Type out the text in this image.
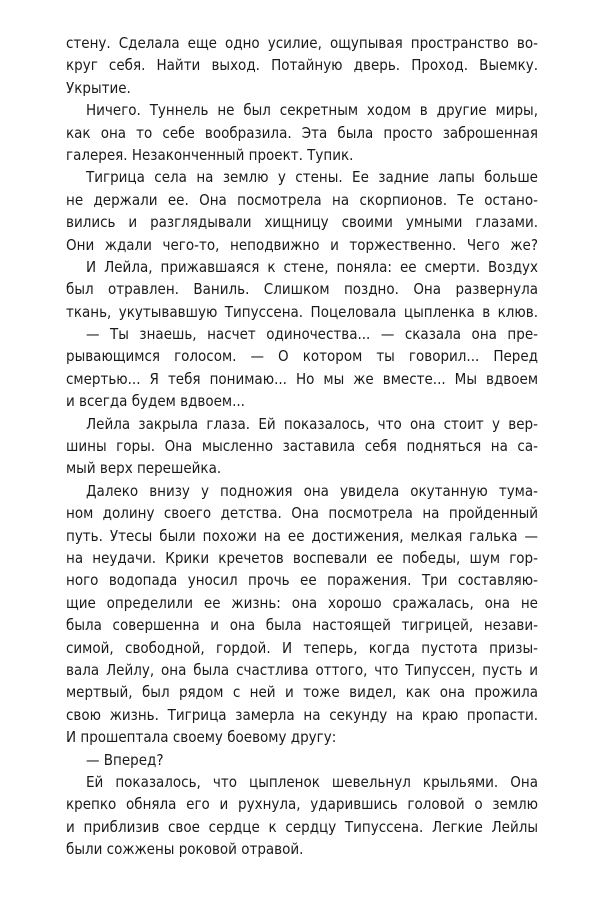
стену. Сделала еще одно усилие, ощупывая пространство во-
круг себя. Найти выход. Потайную дверь. Проход. Выемку.
Укрытие.
Ничего. Туннель не был секретным ходом в другие миры,
как она то себе вообразила. Эта была просто заброшенная
галерея. Незаконченный проект. Тупик.
Тигрица села на землю у стены. Ее задние лапы больше
не держали ее. Она посмотрела на скорпионов. Те остано-
вились и разглядывали хищницу своими умными глазами.
Они ждали чего-то, неподвижно и торжественно. Чего же?
И Лейла, прижавшаяся к стене, поняла: ее смерти. Воздух
был отравлен. Ваниль. Слишком поздно. Она развернула
ткань, укутывавшую Типуссена. Поцеловала цыпленка в клюв.
— Ты знаешь, насчет одиночества... — сказала она пре-
рывающимся голосом. — О котором ты говорил... Перед
смертью... Я тебя понимаю... Но мы же вместе... Мы вдвоем
и всегда будем вдвоем...
Лейла закрыла глаза. Ей показалось, что она стоит у вер-
шины горы. Она мысленно заставила себя подняться на са-
мый верх перешейка.
Далеко внизу у подножия она увидела окутанную тума-
ном долину своего детства. Она посмотрела на пройденный
путь. Утесы были похожи на ее достижения, мелкая галька —
на неудачи. Крики кречетов воспевали ее победы, шум гор-
ного водопада уносил прочь ее поражения. Три составляю-
щие определили ее жизнь: она хорошо сражалась, она не
была совершенна и она была настоящей тигрицей, незави-
симой, свободной, гордой. И теперь, когда пустота призы-
вала Лейлу, она была счастлива оттого, что Типуссен, пусть и
мертвый, был рядом с ней и тоже видел, как она прожила
свою жизнь. Тигрица замерла на секунду на краю пропасти.
И прошептала своему боевому другу:
— Вперед?
Ей показалось, что цыпленок шевельнул крыльями. Она
крепко обняла его и рухнула, ударившись головой о землю
и приблизив свое сердце к сердцу Типуссена. Легкие Лейлы
были сожжены роковой отравой.
